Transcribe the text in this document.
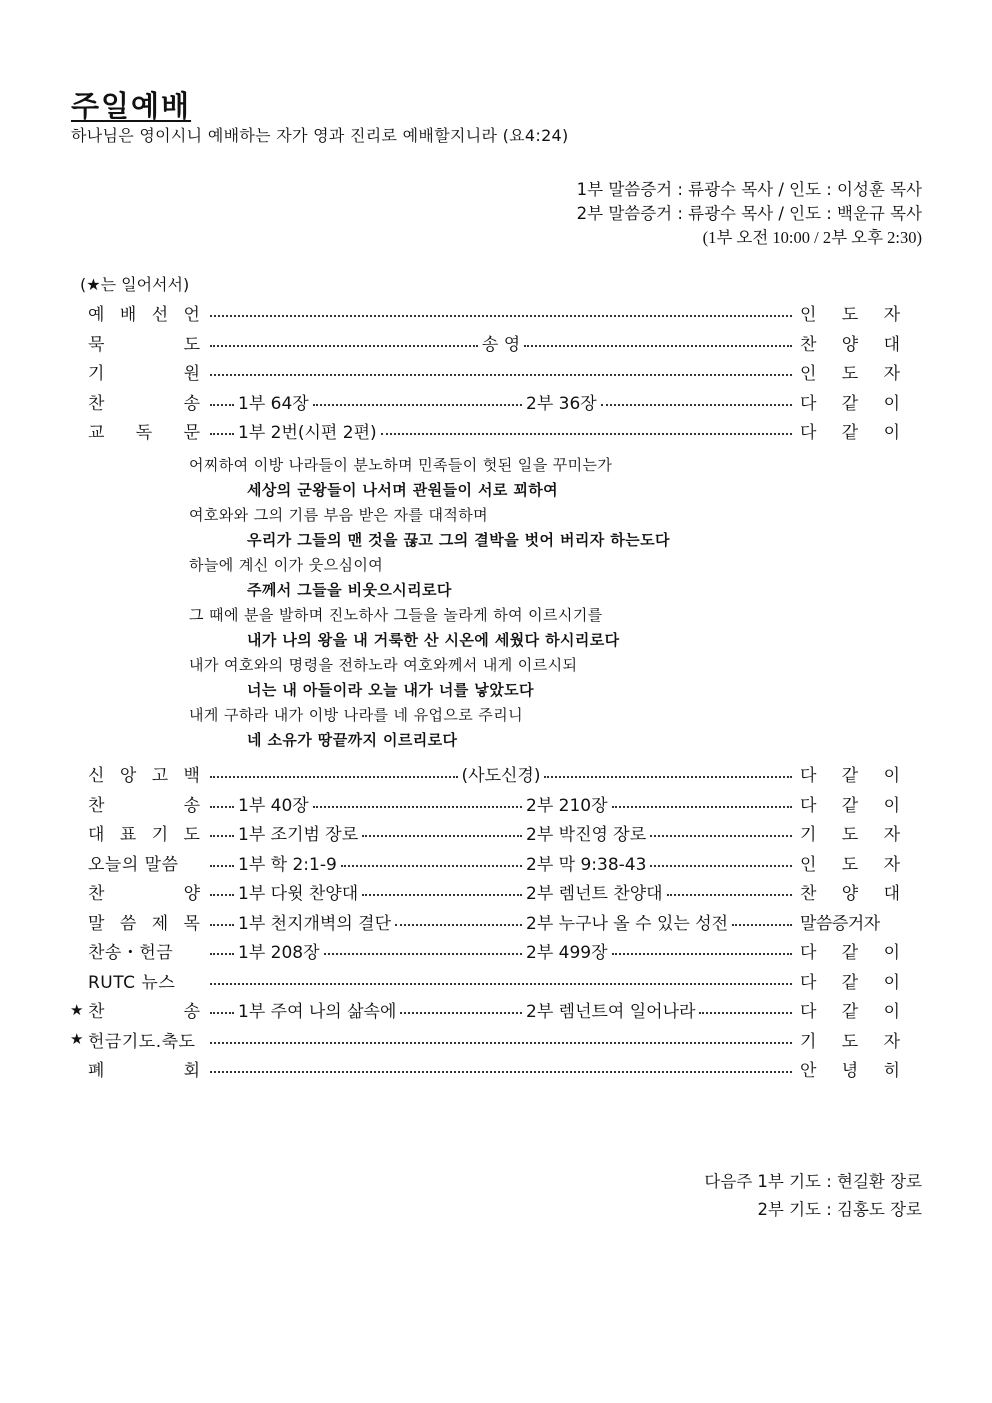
주일예배
하나님은 영이시니 예배하는 자가 영과 진리로 예배할지니라 (요4:24)
1부 말씀증거 : 류광수 목사 / 인도 : 이성훈 목사
2부 말씀증거 : 류광수 목사 / 인도 : 백운규 목사
(1부 오전 10:00 / 2부 오후 2:30)
(★는 일어서서)
예 배 선 언	인 도 자
묵	도	송 영	찬 양 대
기	원	인 도 자
찬	송 1부 64장	2부 36장	다 같 이
교 독 문 1부 2번(시편 2편)	다 같 이
어찌하여 이방 나라들이 분노하며 민족들이 헛된 일을 꾸미는가
세상의 군왕들이 나서며 관원들이 서로 꾀하여
여호와와 그의 기름 부음 받은 자를 대적하며
우리가 그들의 맨 것을 끊고 그의 결박을 벗어 버리자 하는도다
하늘에 계신 이가 웃으심이여
주께서 그들을 비웃으시리로다
그 때에 분을 발하며 진노하사 그들을 놀라게 하여 이르시기를
내가 나의 왕을 내 거룩한 산 시온에 세웠다 하시리로다
내가 여호와의 명령을 전하노라 여호와께서 내게 이르시되
너는 내 아들이라 오늘 내가 너를 낳았도다
내게 구하라 내가 이방 나라를 네 유업으로 주리니
네 소유가 땅끝까지 이르리로다
신 앙 고 백	(사도신경)	다 같 이
찬	송 1부 40장	2부 210장	다 같 이
대 표 기 도 1부 조기범 장로	2부 박진영 장로	기 도 자
오늘의 말씀	1부 학 2:1-9	2부 막 9:38-43	인 도 자
찬	양 1부 다윗 찬양대	2부 렘넌트 찬양대	찬 양 대
말 씀 제 목 1부 천지개벽의 결단	2부 누구나 올 수 있는 성전	말씀증거자
찬송・헌금	1부 208장	2부 499장	다 같 이
RUTC 뉴스	다 같 이
★ 찬	송 1부 주여 나의 삶속에	2부 렘넌트여 일어나라	다 같 이
★ 헌금기도.축도	기 도 자
폐	회	안 녕 히
다음주 1부 기도 : 현길환 장로
2부 기도 : 김홍도 장로
